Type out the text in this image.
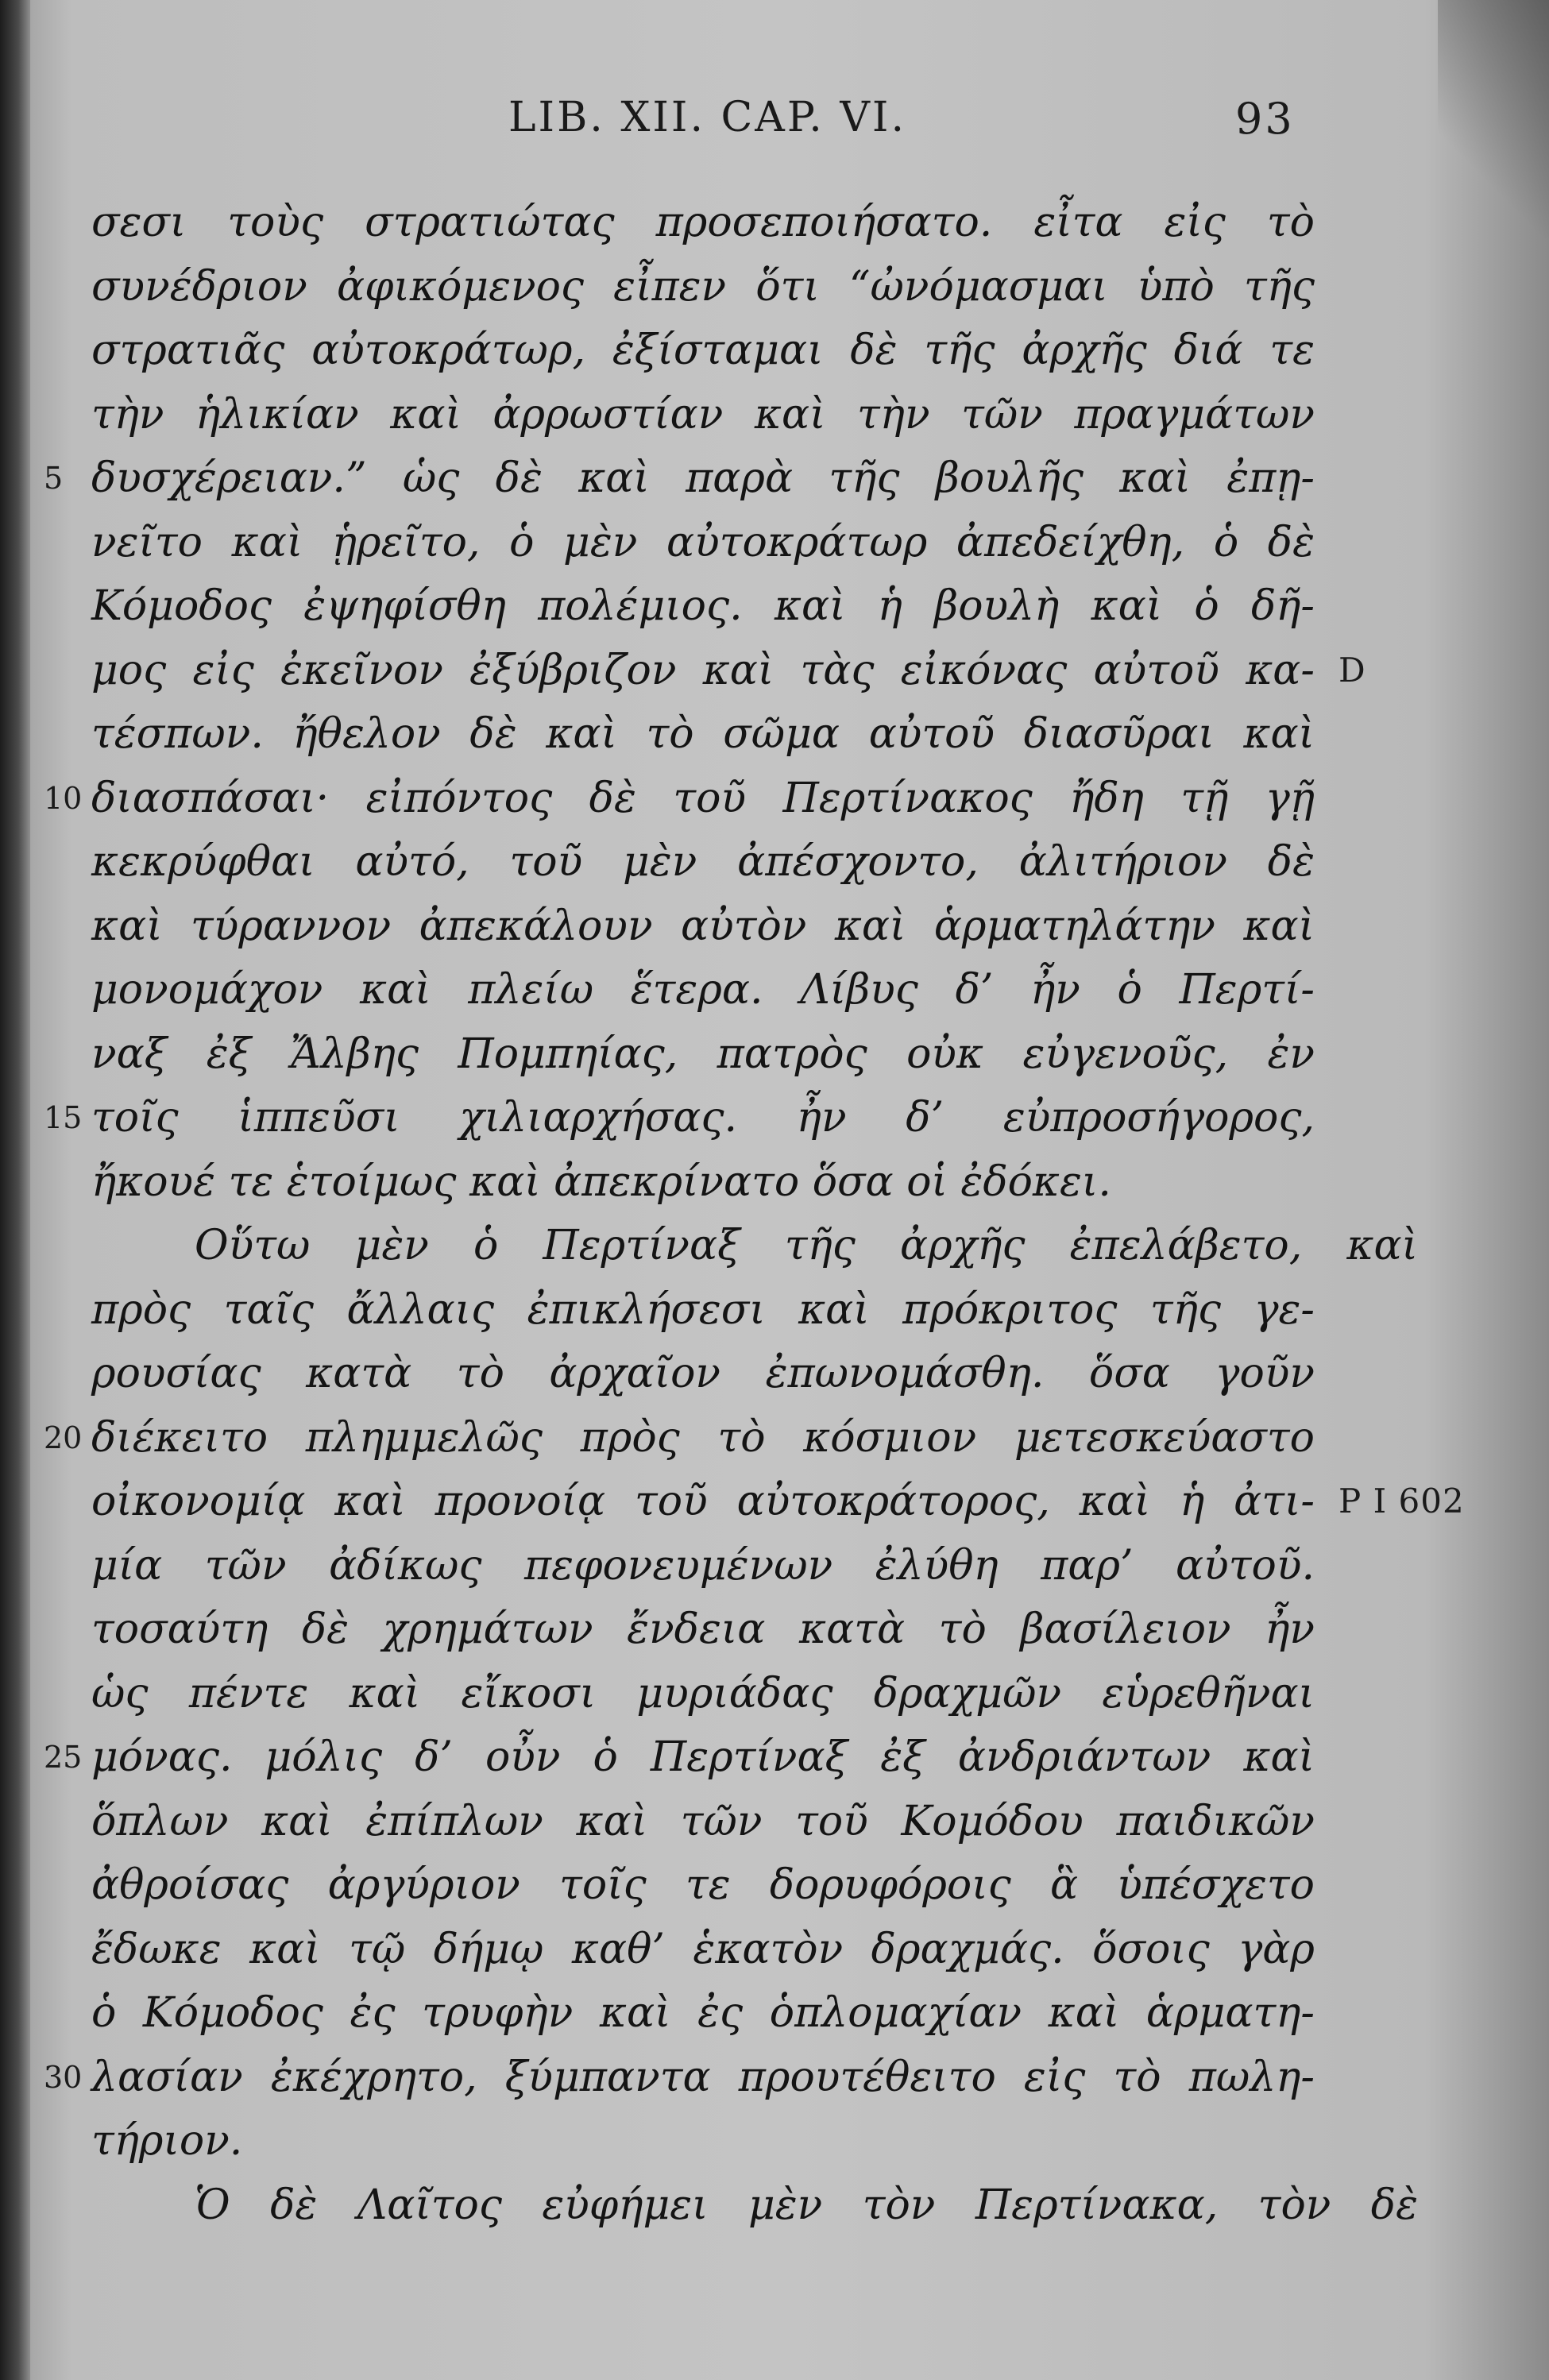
LIB. XII. CAP. VI.	93
σεσι τοὺς στρατιώτας προσεποιήσατο. εἶτα εἰς τὸ
συνέδριον ἀφικόμενος εἶπεν ὅτι “ὠνόμασμαι ὑπὸ τῆς
στρατιᾶς αὐτοκράτωρ, ἐξίσταμαι δὲ τῆς ἀρχῆς διά τε
τὴν ἡλικίαν καὶ ἀρρωστίαν καὶ τὴν τῶν πραγμάτων
δυσχέρειαν.” ὡς δὲ καὶ παρὰ τῆς βουλῆς καὶ ἐπῃ-
5
νεῖτο καὶ ᾑρεῖτο, ὁ μὲν αὐτοκράτωρ ἀπεδείχθη, ὁ δὲ
Κόμοδος ἐψηφίσθη πολέμιος. καὶ ἡ βουλὴ καὶ ὁ δῆ-
μος εἰς ἐκεῖνον ἐξύβριζον καὶ τὰς εἰκόνας αὐτοῦ κα- D
τέσπων. ἤθελον δὲ καὶ τὸ σῶμα αὐτοῦ διασῦραι καὶ
διασπάσαι· εἰπόντος δὲ τοῦ Περτίνακος ἤδη τῇ γῇ
10
κεκρύφθαι αὐτό, τοῦ μὲν ἀπέσχοντο, ἀλιτήριον δὲ
καὶ τύραννον ἀπεκάλουν αὐτὸν καὶ ἁρματηλάτην καὶ
μονομάχον καὶ πλείω ἕτερα. Λίβυς δ’ ἦν ὁ Περτί-
ναξ ἐξ Ἄλβης Πομπηίας, πατρὸς οὐκ εὐγενοῦς, ἐν
τοῖς ἱππεῦσι χιλιαρχήσας. ἦν δ’ εὐπροσήγορος,
15
ἤκουέ τε ἑτοίμως καὶ ἀπεκρίνατο ὅσα οἱ ἐδόκει.
Οὕτω μὲν ὁ Περτίναξ τῆς ἀρχῆς ἐπελάβετο, καὶ
πρὸς ταῖς ἄλλαις ἐπικλήσεσι καὶ πρόκριτος τῆς γε-
ρουσίας κατὰ τὸ ἀρχαῖον ἐπωνομάσθη. ὅσα γοῦν
διέκειτο πλημμελῶς πρὸς τὸ κόσμιον μετεσκεύαστο
20
οἰκονομίᾳ καὶ προνοίᾳ τοῦ αὐτοκράτορος, καὶ ἡ ἀτι- P I 602
μία τῶν ἀδίκως πεφονευμένων ἐλύθη παρ’ αὐτοῦ.
τοσαύτη δὲ χρημάτων ἔνδεια κατὰ τὸ βασίλειον ἦν
ὡς πέντε καὶ εἴκοσι μυριάδας δραχμῶν εὑρεθῆναι
μόνας. μόλις δ’ οὖν ὁ Περτίναξ ἐξ ἀνδριάντων καὶ
25
ὅπλων καὶ ἐπίπλων καὶ τῶν τοῦ Κομόδου παιδικῶν
ἀθροίσας ἀργύριον τοῖς τε δορυφόροις ἃ ὑπέσχετο
ἔδωκε καὶ τῷ δήμῳ καθ’ ἑκατὸν δραχμάς. ὅσοις γὰρ
ὁ Κόμοδος ἐς τρυφὴν καὶ ἐς ὁπλομαχίαν καὶ ἁρματη-
λασίαν ἐκέχρητο, ξύμπαντα προυτέθειτο εἰς τὸ πωλη-
30
τήριον.
Ὁ δὲ Λαῖτος εὐφήμει μὲν τὸν Περτίνακα, τὸν δὲ
